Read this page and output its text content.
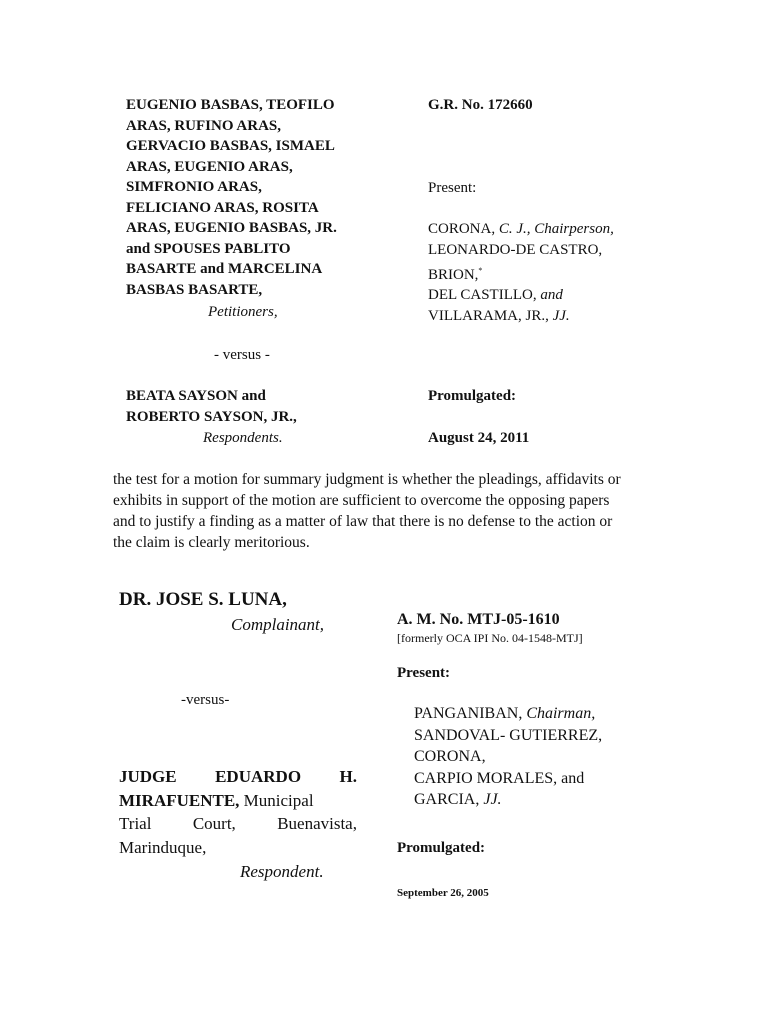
EUGENIO BASBAS, TEOFILO
ARAS, RUFINO ARAS,
GERVACIO BASBAS, ISMAEL
ARAS, EUGENIO ARAS,
SIMFRONIO ARAS,
FELICIANO ARAS, ROSITA
ARAS, EUGENIO BASBAS, JR.
and SPOUSES PABLITO
BASARTE and MARCELINA
BASBAS BASARTE,
Petitioners,
- versus -
BEATA SAYSON and
ROBERTO SAYSON, JR.,
Respondents.
G.R. No. 172660
Present:
CORONA, C. J., Chairperson,
LEONARDO-DE CASTRO,
BRION,*
DEL CASTILLO, and
VILLARAMA, JR., JJ.
Promulgated:
August 24, 2011
the test for a motion for summary judgment is whether the pleadings, affidavits or
exhibits in support of the motion are sufficient to overcome the opposing papers
and to justify a finding as a matter of law that there is no defense to the action or
the claim is clearly meritorious.
DR. JOSE S. LUNA,
Complainant,
-versus-
JUDGE EDUARDO H.
MIRAFUENTE, Municipal
Trial Court, Buenavista,
Marinduque,
Respondent.
A. M. No. MTJ-05-1610
[formerly OCA IPI No. 04-1548-MTJ]
Present:
PANGANIBAN, Chairman,
SANDOVAL- GUTIERREZ,
CORONA,
CARPIO MORALES, and
GARCIA, JJ.
Promulgated:
September 26, 2005
